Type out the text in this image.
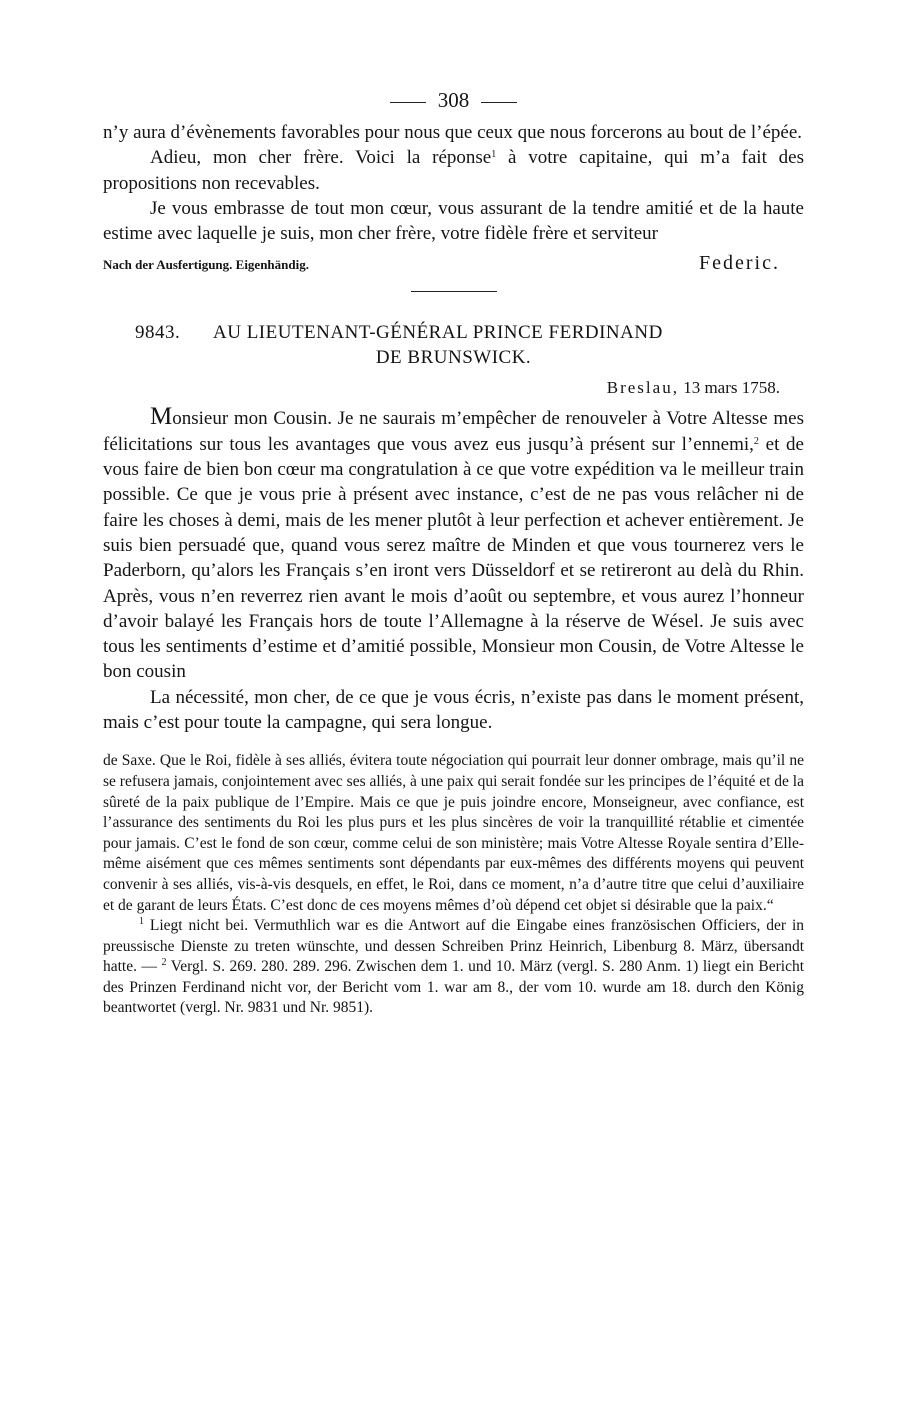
308

n’y aura d’évènements favorables pour nous que ceux que nous forcerons au bout de l’épée.

Adieu, mon cher frère. Voici la réponse$^1$ à votre capitaine, qui m’a fait des propositions non recevables.

Je vous embrasse de tout mon cœur, vous assurant de la tendre amitié et de la haute estime avec laquelle je suis, mon cher frère, votre fidèle frère et serviteur

Nach der Ausfertigung. Eigenhändig.	Federic.
9843. AU LIEUTENANT-GÉNÉRAL PRINCE FERDINAND
DE BRUNSWICK.
Breslau, 13 mars 1758.

Monsieur mon Cousin. Je ne saurais m’empêcher de renouveler à Votre Altesse mes félicitations sur tous les avantages que vous avez eus jusqu’à présent sur l’ennemi,$^2$ et de vous faire de bien bon cœur ma congratulation à ce que votre expédition va le meilleur train possible. Ce que je vous prie à présent avec instance, c’est de ne pas vous relâcher ni de faire les choses à demi, mais de les mener plutôt à leur perfection et achever entièrement. Je suis bien persuadé que, quand vous serez maître de Minden et que vous tournerez vers le Paderborn, qu’alors les Français s’en iront vers Düsseldorf et se retireront au delà du Rhin. Après, vous n’en reverrez rien avant le mois d’août ou septembre, et vous aurez l’honneur d’avoir balayé les Français hors de toute l’Allemagne à la réserve de Wésel. Je suis avec tous les sentiments d’estime et d’amitié possible, Monsieur mon Cousin, de Votre Altesse le bon cousin

La nécessité, mon cher, de ce que je vous écris, n’existe pas dans le moment présent, mais c’est pour toute la campagne, qui sera longue.

de Saxe. Que le Roi, fidèle à ses alliés, évitera toute négociation qui pourrait leur donner ombrage, mais qu’il ne se refusera jamais, conjointement avec ses alliés, à une paix qui serait fondée sur les principes de l’équité et de la sûreté de la paix publique de l’Empire. Mais ce que je puis joindre encore, Monseigneur, avec confiance, est l’assurance des sentiments du Roi les plus purs et les plus sincères de voir la tranquillité rétablie et cimentée pour jamais. C’est le fond de son cœur, comme celui de son ministère; mais Votre Altesse Royale sentira d’Elle-même aisément que ces mêmes sentiments sont dépendants par eux-mêmes des différents moyens qui peuvent convenir à ses alliés, vis-à-vis desquels, en effet, le Roi, dans ce moment, n’a d’autre titre que celui d’auxiliaire et de garant de leurs États. C’est donc de ces moyens mêmes d’où dépend cet objet si désirable que la paix.“

$^1$ Liegt nicht bei. Vermuthlich war es die Antwort auf die Eingabe eines französischen Officiers, der in preussische Dienste zu treten wünschte, und dessen Schreiben Prinz Heinrich, Libenburg 8. März, übersandt hatte. — $^2$ Vergl. S. 269. 280. 289. 296. Zwischen dem 1. und 10. März (vergl. S. 280 Anm. 1) liegt ein Bericht des Prinzen Ferdinand nicht vor, der Bericht vom 1. war am 8., der vom 10. wurde am 18. durch den König beantwortet (vergl. Nr. 9831 und Nr. 9851).
